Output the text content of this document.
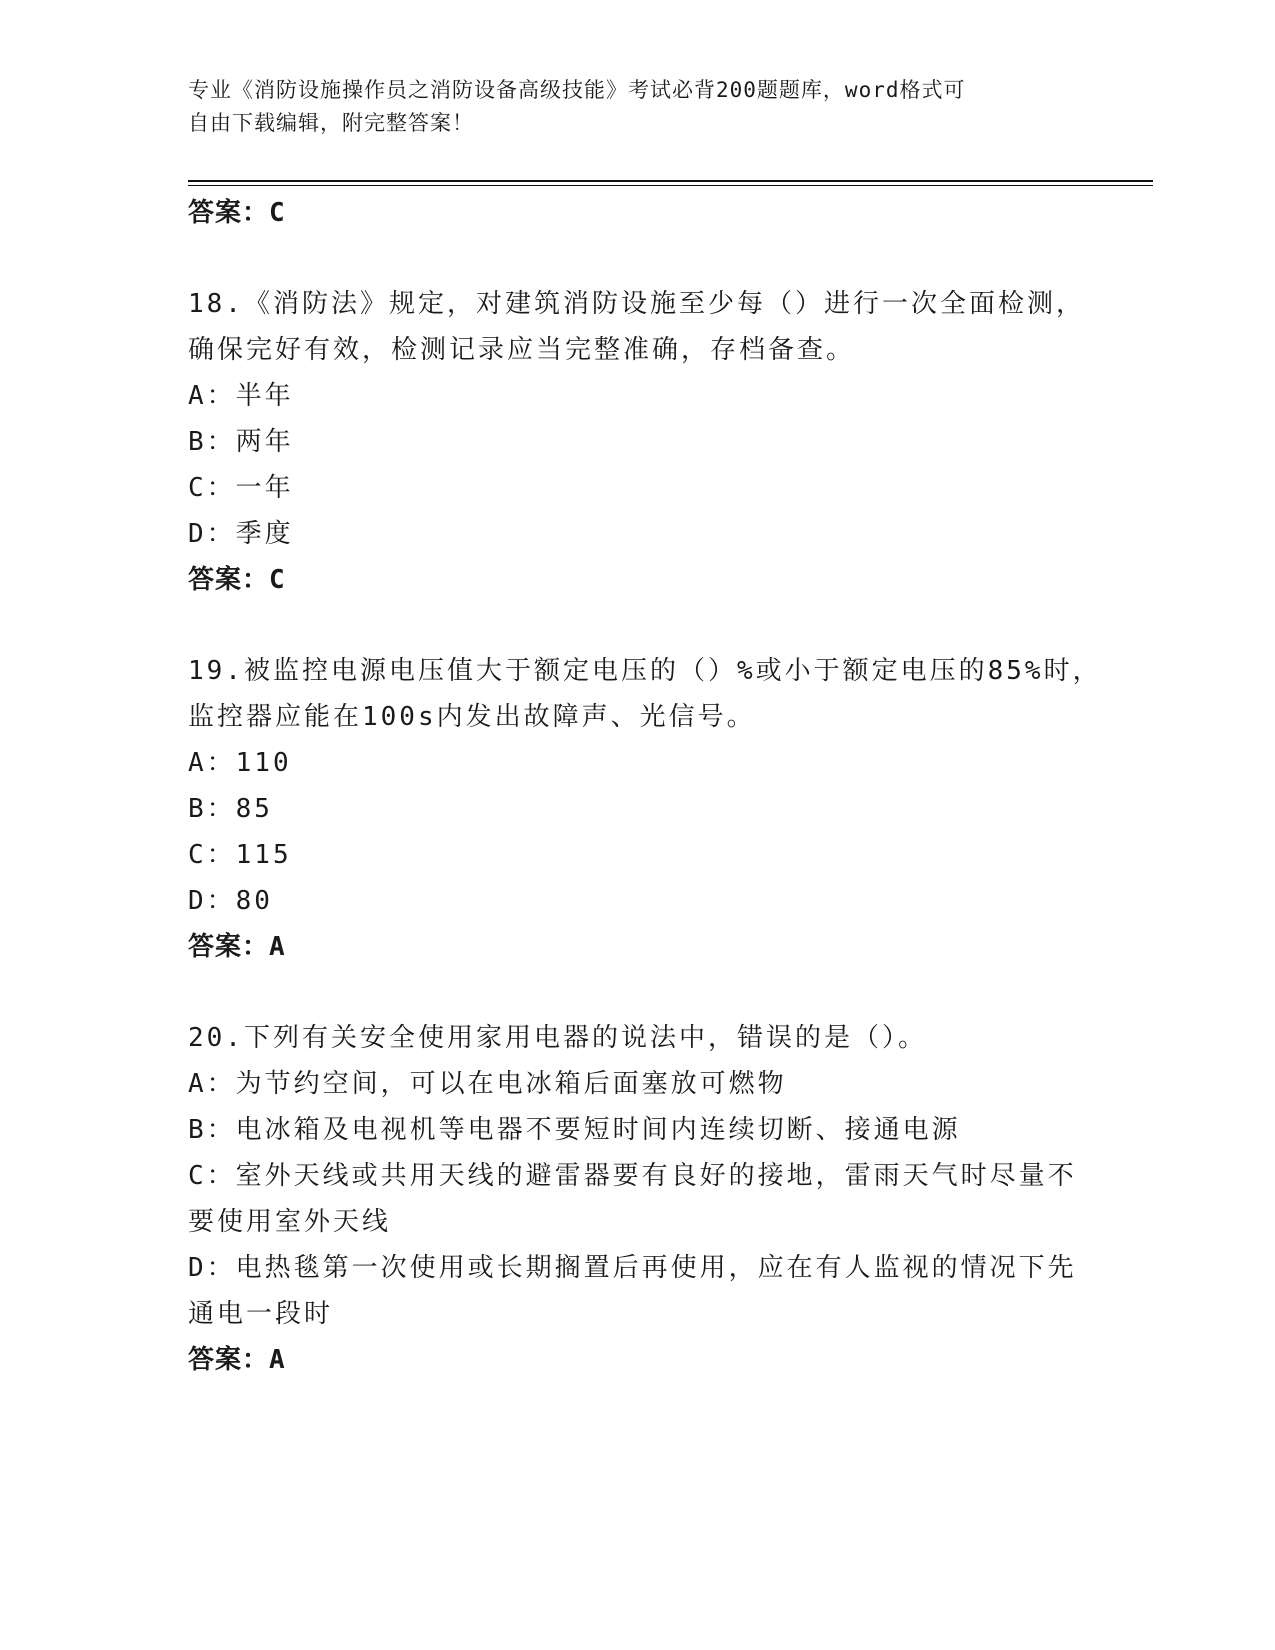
专业《消防设施操作员之消防设备高级技能》考试必背200题题库，word格式可
自由下载编辑，附完整答案！
答案：C
18.《消防法》规定，对建筑消防设施至少每（）进行一次全面检测，
确保完好有效，检测记录应当完整准确，存档备查。
A：半年
B：两年
C：一年
D：季度
答案：C
19.被监控电源电压值大于额定电压的（）%或小于额定电压的85%时，
监控器应能在100s内发出故障声、光信号。
A：110
B：85
C：115
D：80
答案：A
20.下列有关安全使用家用电器的说法中，错误的是（）。
A：为节约空间，可以在电冰箱后面塞放可燃物
B：电冰箱及电视机等电器不要短时间内连续切断、接通电源
C：室外天线或共用天线的避雷器要有良好的接地，雷雨天气时尽量不
要使用室外天线
D：电热毯第一次使用或长期搁置后再使用，应在有人监视的情况下先
通电一段时
答案：A
